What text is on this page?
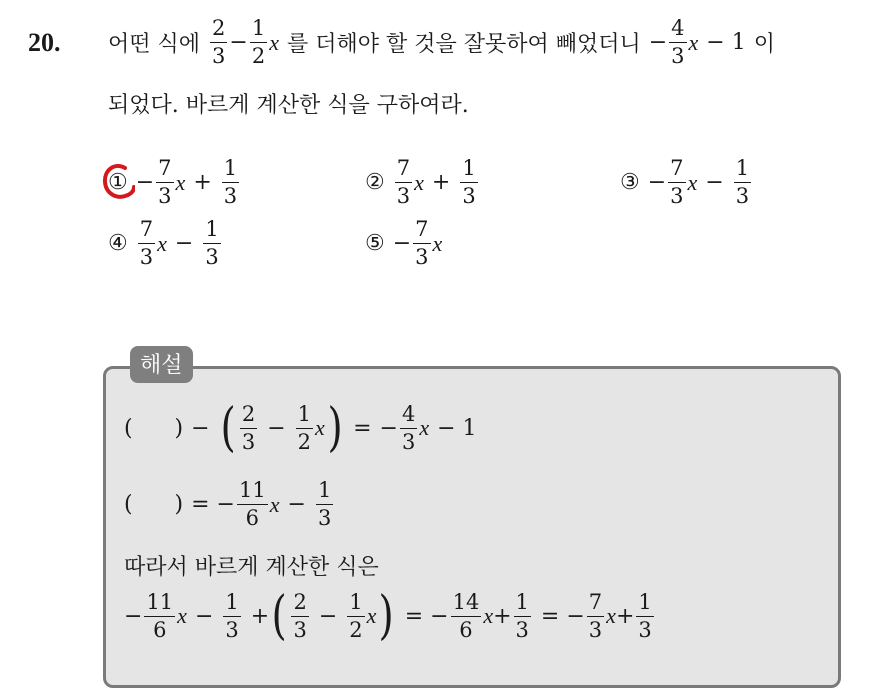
20. 어떤 식에 $\frac{2}{3} - \frac{1}{2}$ x 를 더해야 할 것을 잘못하여 빼었더니 − $\frac{4}{3}$ x − 1 이
되었다. 바르게 계산한 식을 구하여라.
① − $\frac{7}{3}$ $x + \frac{1}{3}$	② $\frac{7}{3}$ $x + \frac{1}{3}$	③ − $\frac{7}{3}$ $x - \frac{1}{3}$
④ $\frac{7}{3}$ $x - \frac{1}{3}$	⑤ − $\frac{7}{3}$ x
해설
(      ) − ( $\frac{2}{3} - \frac{1}{2}$ x ) = − $\frac{4}{3}$ x − 1
(      ) = − $\frac{11}{6}$ $x - \frac{1}{3}$
따라서 바르게 계산한 식은
− $\frac{11}{6}$ $x - \frac{1}{3}$ + ( $\frac{2}{3} - \frac{1}{2}$ x ) = − $\frac{14}{6}$ $x + \frac{1}{3}$ = − $\frac{7}{3}$ $x + \frac{1}{3}$
